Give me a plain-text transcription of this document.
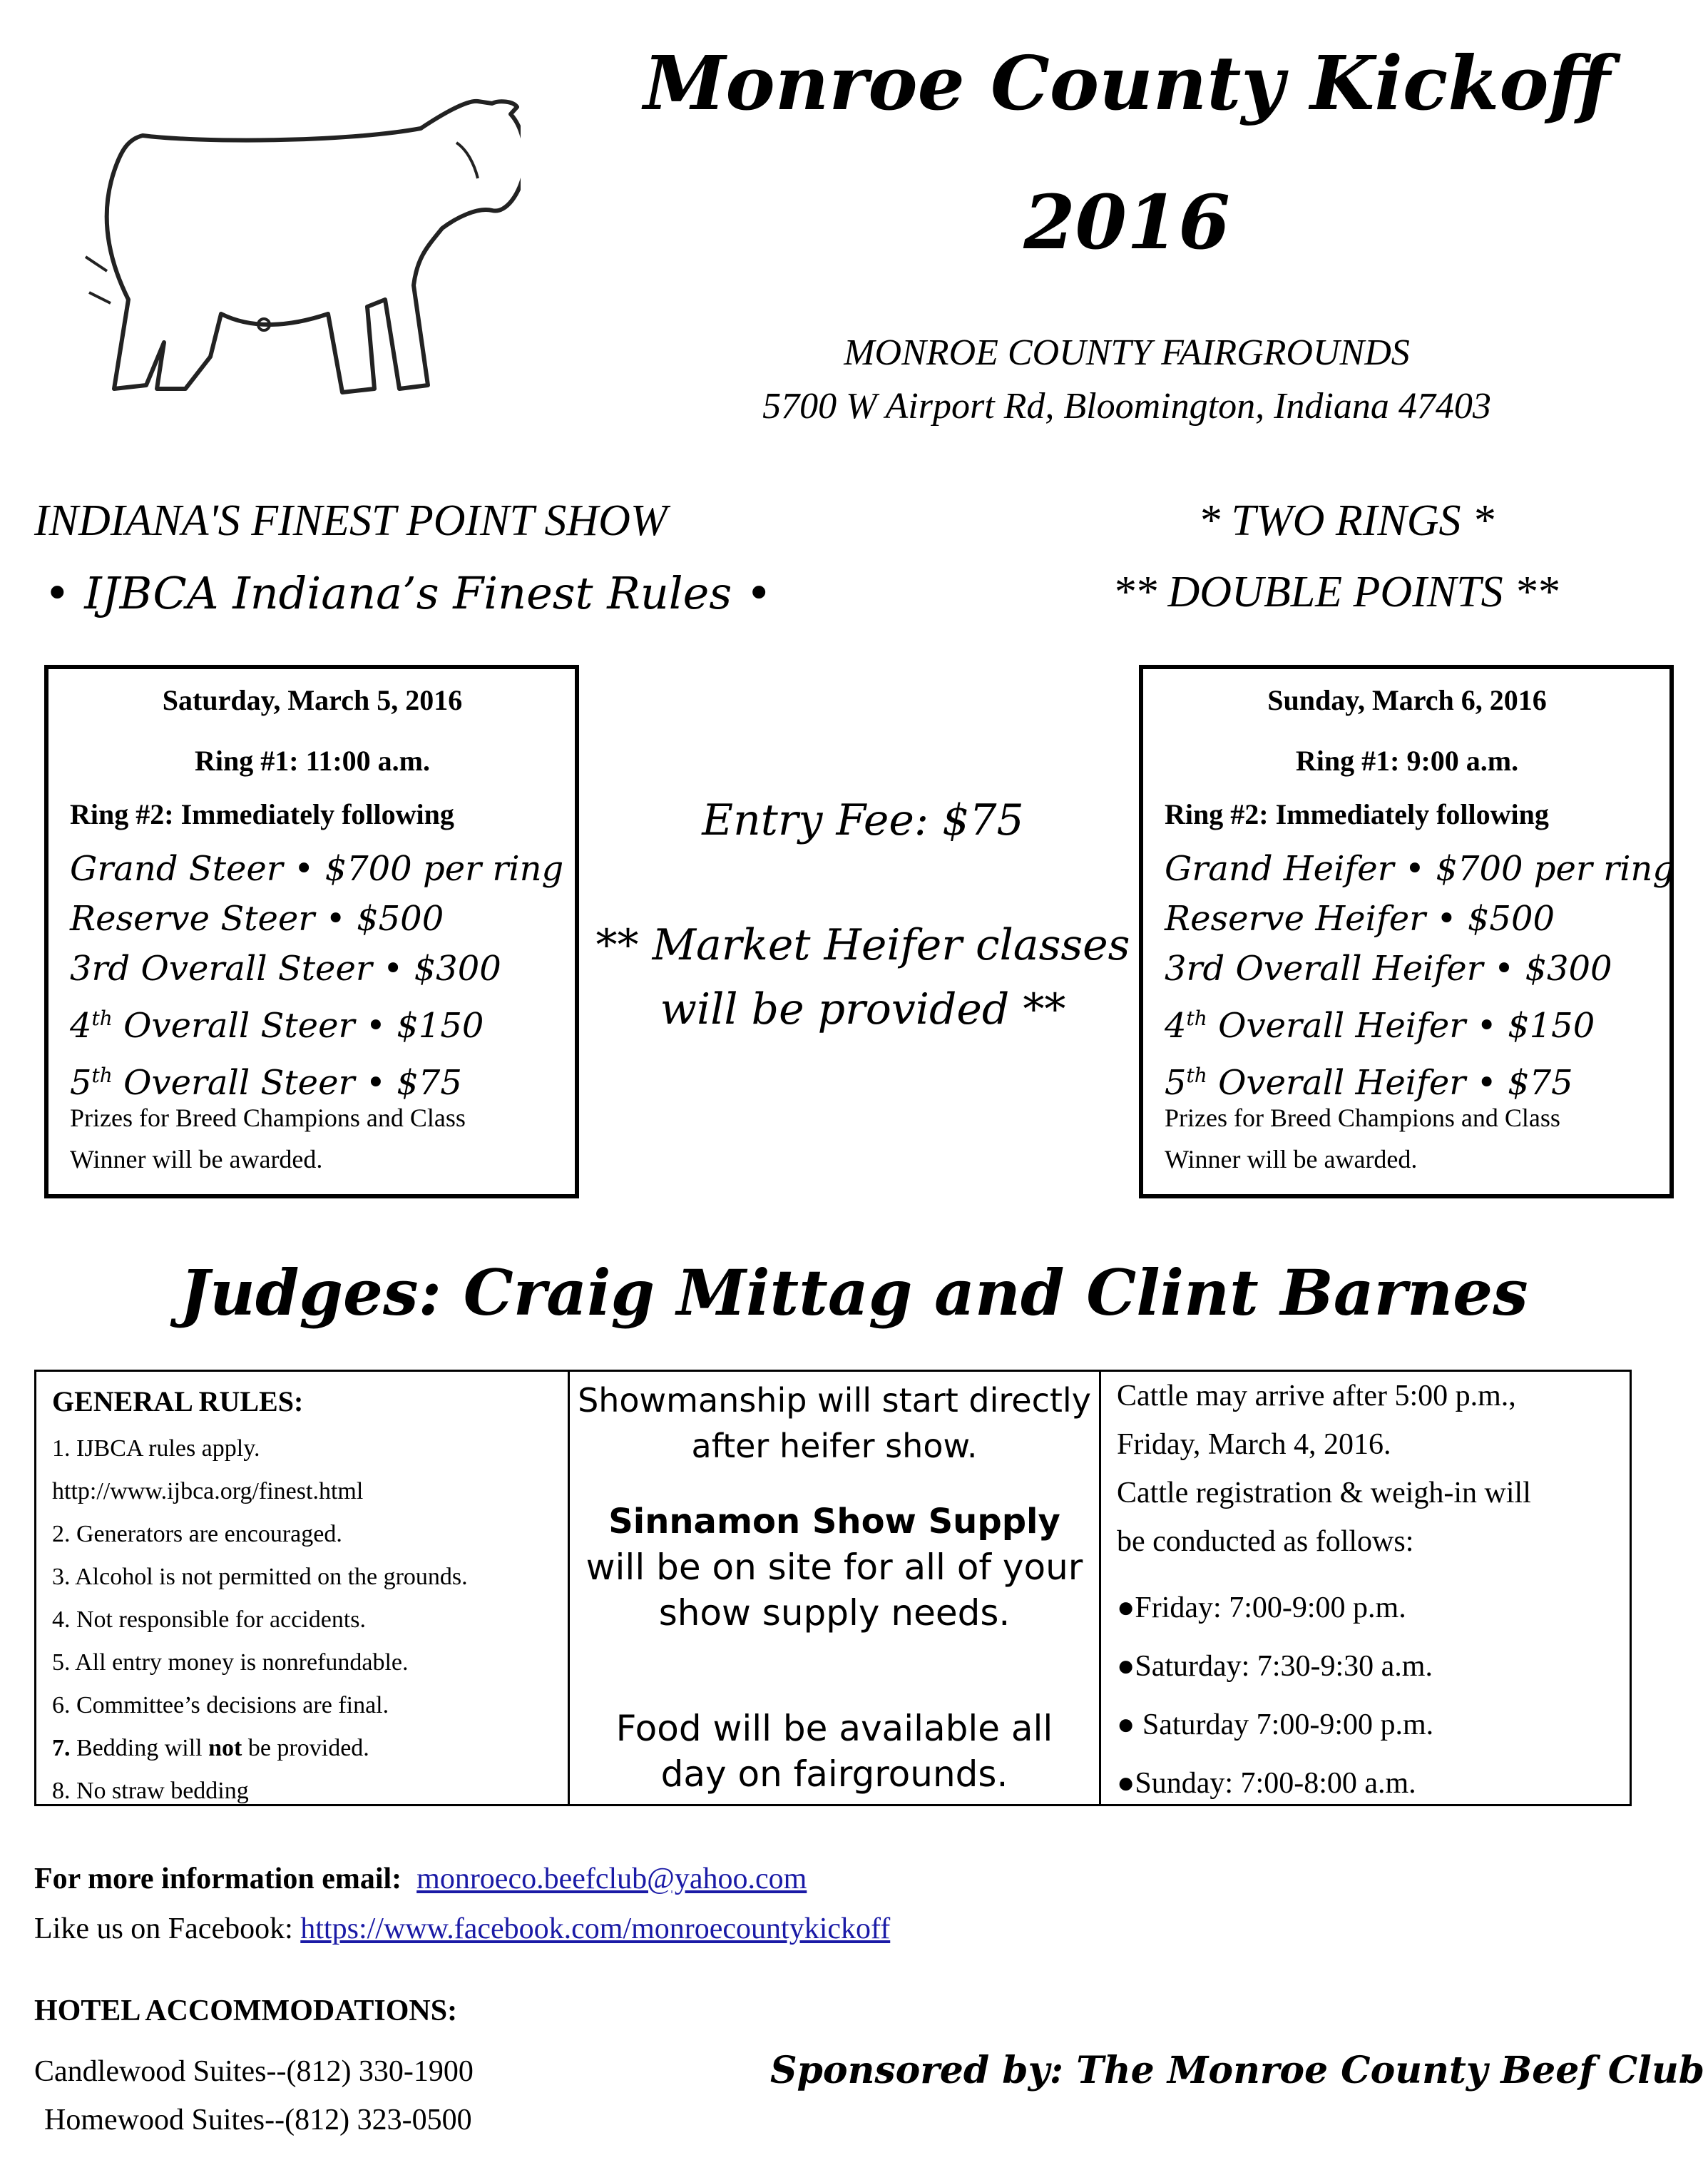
Monroe County Kickoff
2016
MONROE COUNTY FAIRGROUNDS
5700 W Airport Rd, Bloomington, Indiana 47403
INDIANA'S FINEST POINT SHOW
• IJBCA Indiana’s Finest Rules •
* TWO RINGS *
** DOUBLE POINTS **
Saturday, March 5, 2016
Ring #1: 11:00 a.m.
Ring #2: Immediately following
Grand Steer • $700 per ring
Reserve Steer • $500
3rd Overall Steer • $300
4th Overall Steer • $150
5th Overall Steer • $75
Prizes for Breed Champions and Class
Winner will be awarded.
Entry Fee: $75
** Market Heifer classes
will be provided **
Sunday, March 6, 2016
Ring #1: 9:00 a.m.
Ring #2: Immediately following
Grand Heifer • $700 per ring
Reserve Heifer • $500
3rd Overall Heifer • $300
4th Overall Heifer • $150
5th Overall Heifer • $75
Prizes for Breed Champions and Class
Winner will be awarded.
Judges: Craig Mittag and Clint Barnes
GENERAL RULES:
1. IJBCA rules apply.
http://www.ijbca.org/finest.html
2. Generators are encouraged.
3. Alcohol is not permitted on the grounds.
4. Not responsible for accidents.
5. All entry money is nonrefundable.
6. Committee’s decisions are final.
7. Bedding will not be provided.
8. No straw bedding
Showmanship will start directly
after heifer show.
Sinnamon Show Supply
will be on site for all of your
show supply needs.
Food will be available all
day on fairgrounds.
Cattle may arrive after 5:00 p.m.,
Friday, March 4, 2016.
Cattle registration & weigh-in will
be conducted as follows:
●Friday: 7:00-9:00 p.m.
●Saturday: 7:30-9:30 a.m.
● Saturday 7:00-9:00 p.m.
●Sunday: 7:00-8:00 a.m.
For more information email: monroeco.beefclub@yahoo.com
Like us on Facebook: https://www.facebook.com/monroecountykickoff
HOTEL ACCOMMODATIONS:
Candlewood Suites--(812) 330-1900
Homewood Suites--(812) 323-0500
Sponsored by: The Monroe County Beef Club
